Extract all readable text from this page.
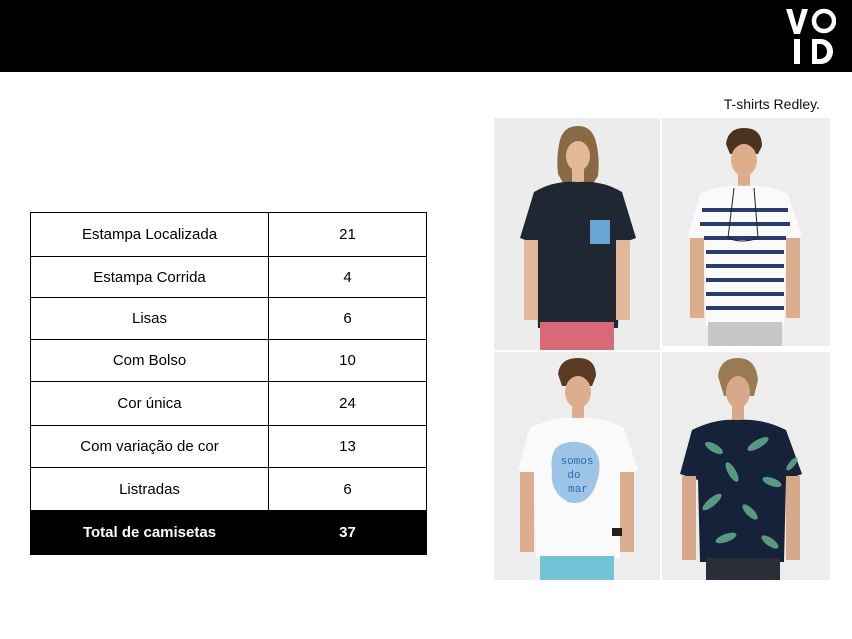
T-shirts Redley.
Estampa Localizada	21
Estampa Corrida	4
Lisas	6
Com Bolso	10
Cor única	24
Com variação de cor	13
Listradas	6
Total de camisetas	37
somos
do
mar
